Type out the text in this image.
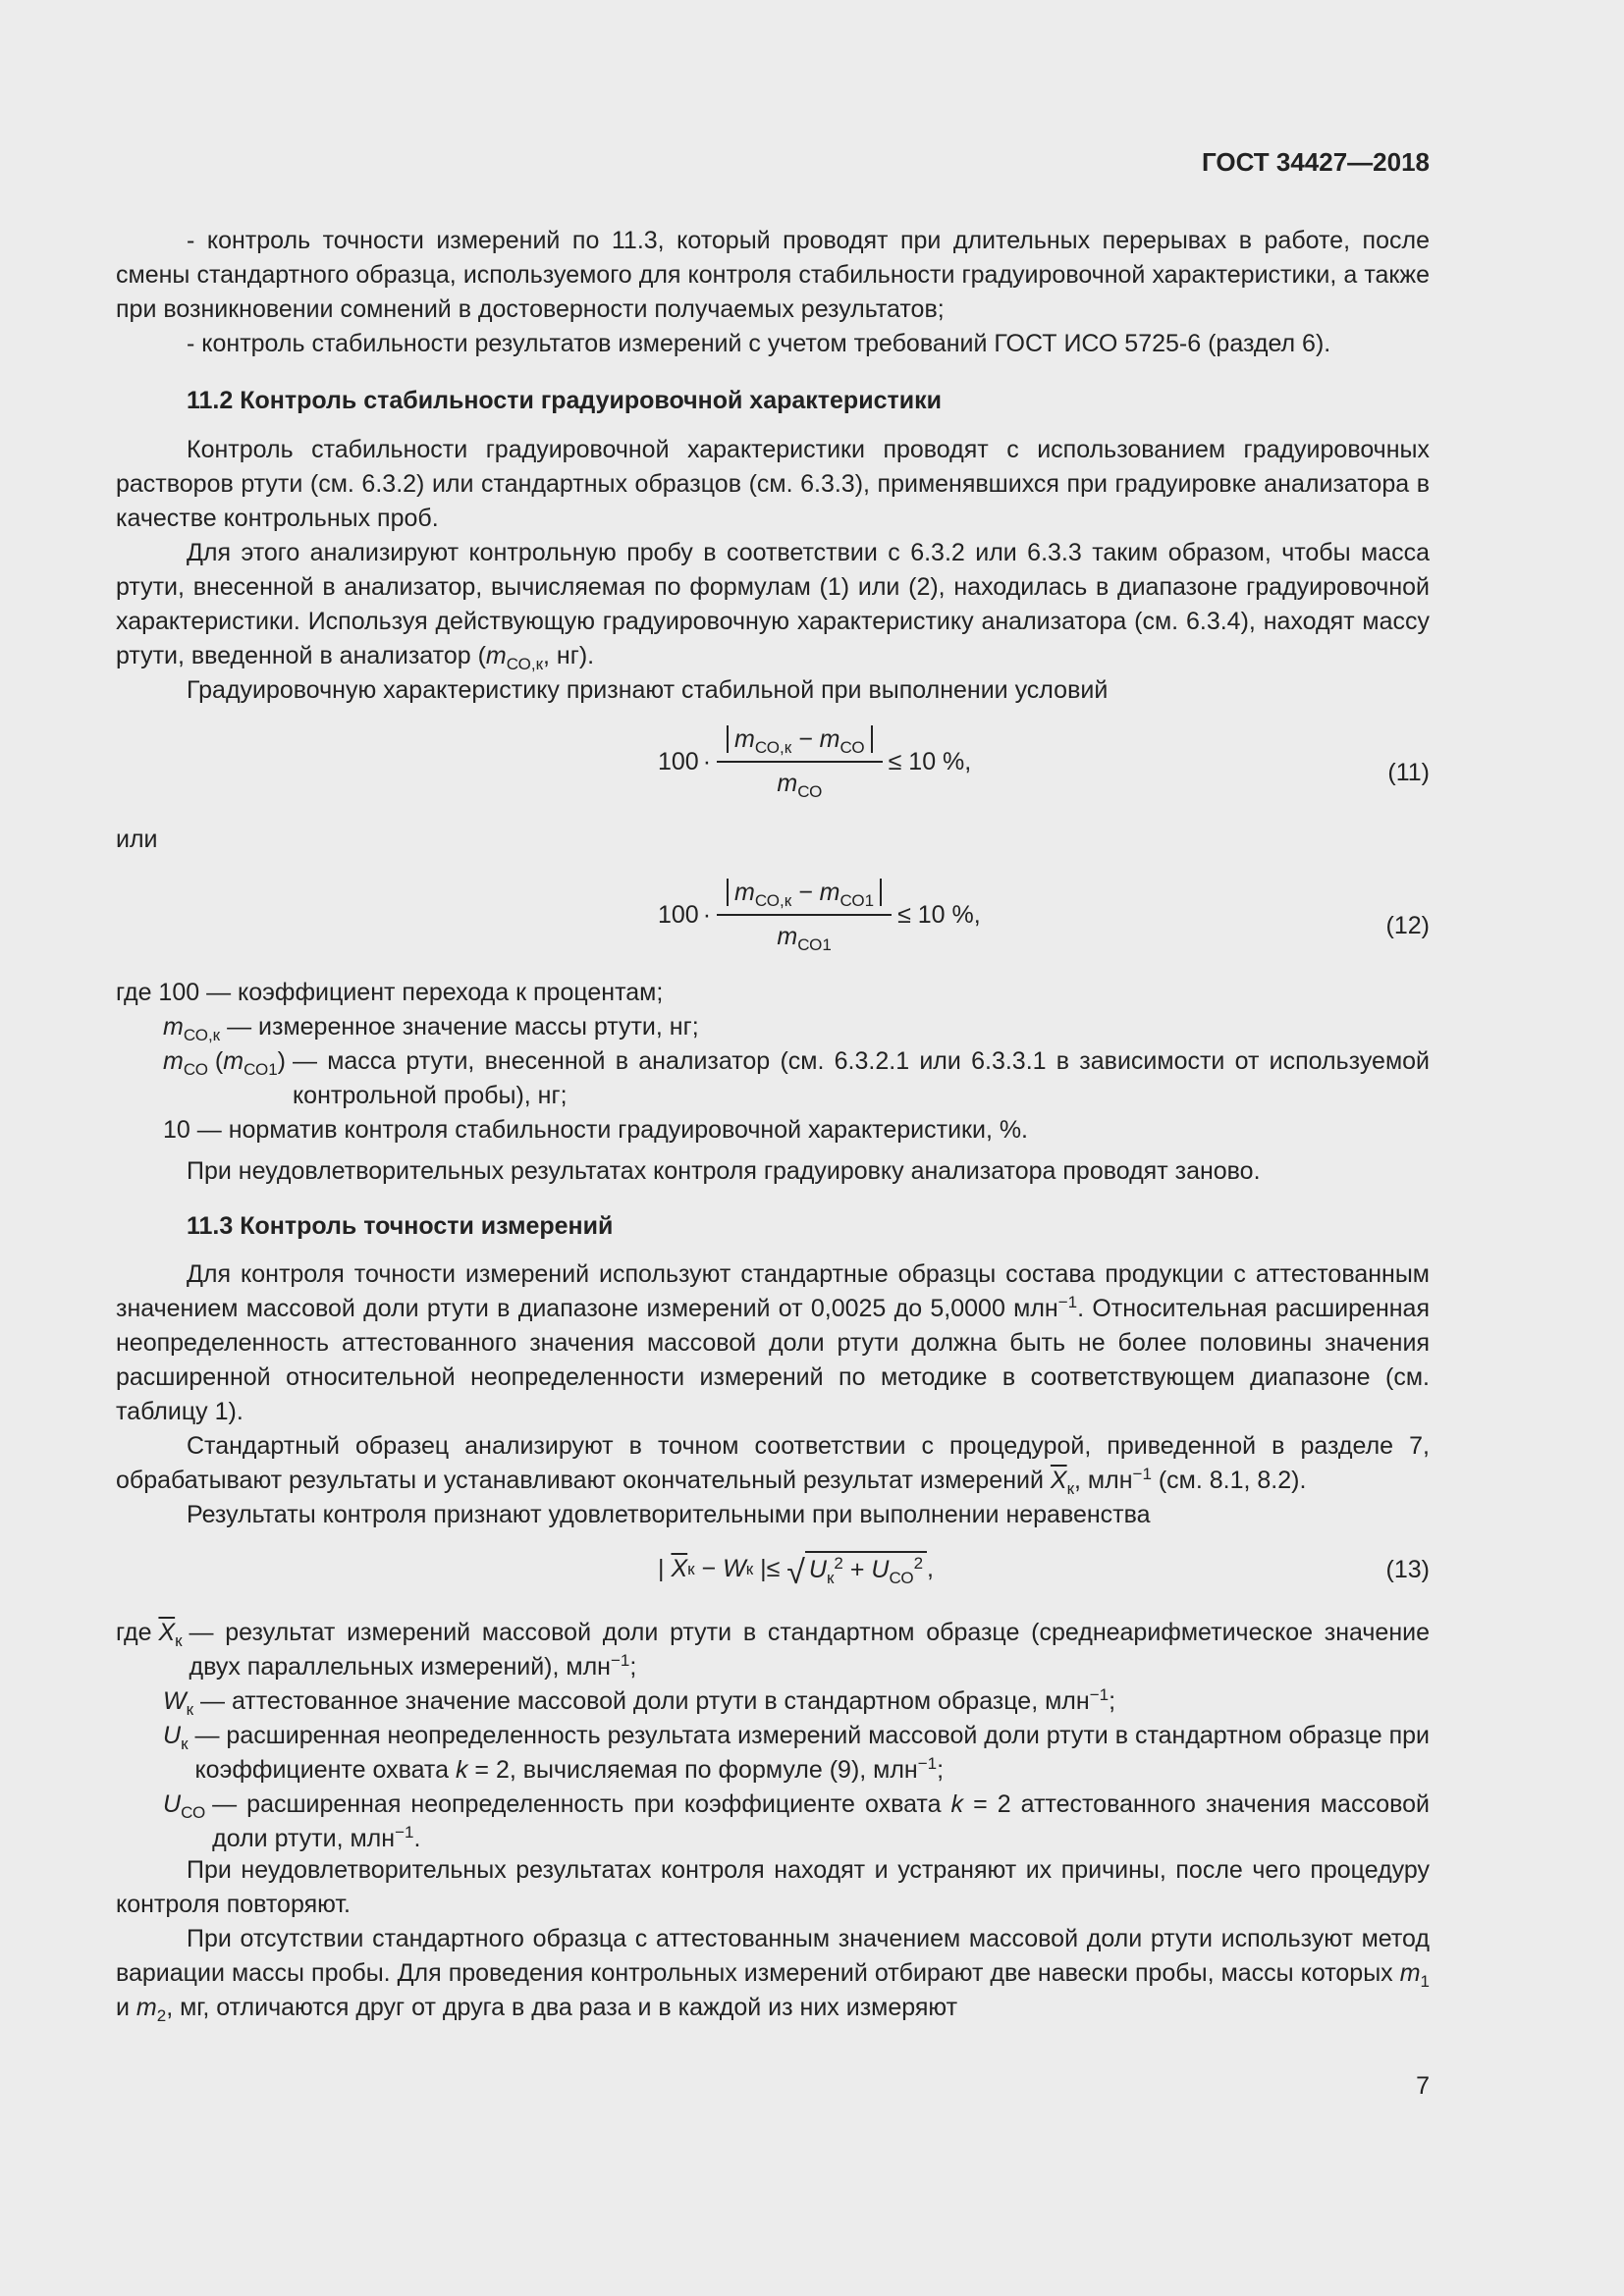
ГОСТ 34427—2018

- контроль точности измерений по 11.3, который проводят при длительных перерывах в работе, после смены стандартного образца, используемого для контроля стабильности градуировочной характеристики, а также при возникновении сомнений в достоверности получаемых результатов;

- контроль стабильности результатов измерений с учетом требований ГОСТ ИСО 5725-6 (раздел 6).

11.2 Контроль стабильности градуировочной характеристики

Контроль стабильности градуировочной характеристики проводят с использованием градуировочных растворов ртути (см. 6.3.2) или стандартных образцов (см. 6.3.3), применявшихся при градуировке анализатора в качестве контрольных проб.

Для этого анализируют контрольную пробу в соответствии с 6.3.2 или 6.3.3 таким образом, чтобы масса ртути, внесенной в анализатор, вычисляемая по формулам (1) или (2), находилась в диапазоне градуировочной характеристики. Используя действующую градуировочную характеристику анализатора (см. 6.3.4), находят массу ртути, введенной в анализатор ($m_{СО,к}$, нг).

Градуировочную характеристику признают стабильной при выполнении условий

$100 \cdot \frac{m_{СО,к} - m_{СО}}{m_{СО}} \le 10$ %,	(11)

или

$100 \cdot \frac{m_{СО,к} - m_{СО1}}{m_{СО1}} \le 10$ %,	(12)

где 100 — коэффициент перехода к процентам;

$m_{СО,к}$ — измеренное значение массы ртути, нг;
$m_{СО}$ $(m_{СО1})$ — масса ртути, внесенной в анализатор (см. 6.3.2.1 или 6.3.3.1 в зависимости от используемой контрольной пробы), нг;

10 — норматив контроля стабильности градуировочной характеристики, %.

При неудовлетворительных результатах контроля градуировку анализатора проводят заново.

11.3 Контроль точности измерений

Для контроля точности измерений используют стандартные образцы состава продукции с аттестованным значением массовой доли ртути в диапазоне измерений от 0,0025 до 5,0000 млн$^{-1}$. Относительная расширенная неопределенность аттестованного значения массовой доли ртути должна быть не более половины значения расширенной относительной неопределенности измерений по методике в соответствующем диапазоне (см. таблицу 1).

Стандартный образец анализируют в точном соответствии с процедурой, приведенной в разделе 7, обрабатывают результаты и устанавливают окончательный результат измерений $\overline{X}_к$, млн$^{-1}$ (см. 8.1, 8.2).

Результаты контроля признают удовлетворительными при выполнении неравенства

| $\overline{X}$ к − W к |≤ √ $U_к^2 + U_{СО}^2$ ,	(13)
где $\overline{X}_к$ — результат измерений массовой доли ртути в стандартном образце (среднеарифметическое значение двух параллельных измерений), млн$^{-1}$;
$W_к$ — аттестованное значение массовой доли ртути в стандартном образце, млн$^{-1}$;
$U_к$ — расширенная неопределенность результата измерений массовой доли ртути в стандартном образце при коэффициенте охвата k = 2, вычисляемая по формуле (9), млн$^{-1}$;
$U_{СО}$ — расширенная неопределенность при коэффициенте охвата k = 2 аттестованного значения массовой доли ртути, млн$^{-1}$.

При неудовлетворительных результатах контроля находят и устраняют их причины, после чего процедуру контроля повторяют.

При отсутствии стандартного образца с аттестованным значением массовой доли ртути используют метод вариации массы пробы. Для проведения контрольных измерений отбирают две навески пробы, массы которых $m_1$ и $m_2$, мг, отличаются друг от друга в два раза и в каждой из них измеряют

7
